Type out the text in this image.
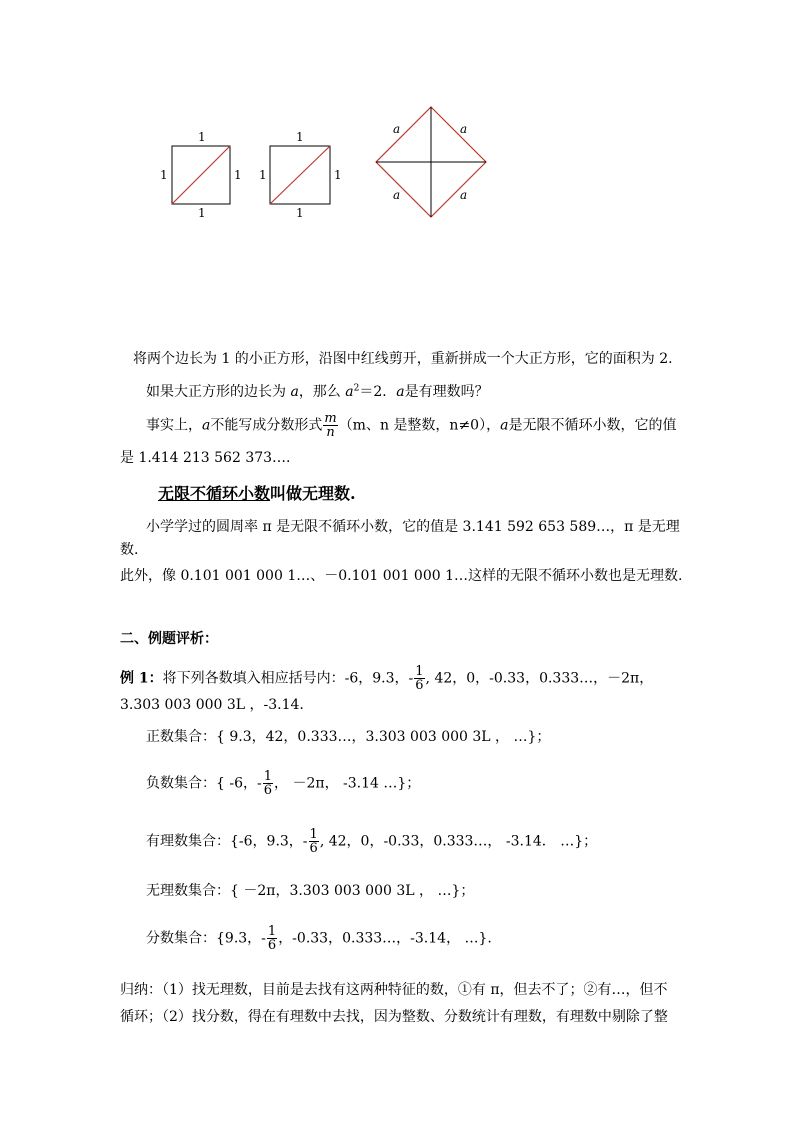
1
1	1
1
1
1	1
1
a	a
a	a
将两个边长为 1 的小正方形，沿图中红线剪开，重新拼成一个大正方形，它的面积为 2.
如果大正方形的边长为 a，那么 $a^2=2$．a是有理数吗？
事实上，a不能写成分数形式 $\frac{m}{n} (m$、n 是整数，n≠0），a是无限不循环小数，它的值
是 1.414 213 562 373….
无限不循环小数叫做无理数.
小学学过的圆周率 π 是无限不循环小数，它的值是 3.141 592 653 589…，π 是无理
数.
此外，像 0.101 001 000 1…、－0.101 001 000 1…这样的无限不循环小数也是无理数.
二、例题评析：
例 1：将下列各数填入相应括号内：-6，9.3，- $\frac{1}{6}$ , 42，0，-0.33，0.333…，－2π，
3.303 003 000 3L ，-3.14.
正数集合：{ 9.3，42，0.333…，3.303 003 000 3L ， …}；
负数集合：{ -6，- $\frac{1}{6}$ ， －2π， -3.14 …}；
有理数集合：{-6，9.3，- $\frac{1}{6}$ , 42，0，-0.33，0.333…， -3.14． …}；
无理数集合：{ －2π，3.303 003 000 3L ， …}；
分数集合：{9.3，- $\frac{1}{6}$ ，-0.33，0.333…，-3.14， …}.
归纳：（1）找无理数，目前是去找有这两种特征的数，①有 π，但去不了；②有…，但不
循环；（2）找分数，得在有理数中去找，因为整数、分数统计有理数，有理数中剔除了整
